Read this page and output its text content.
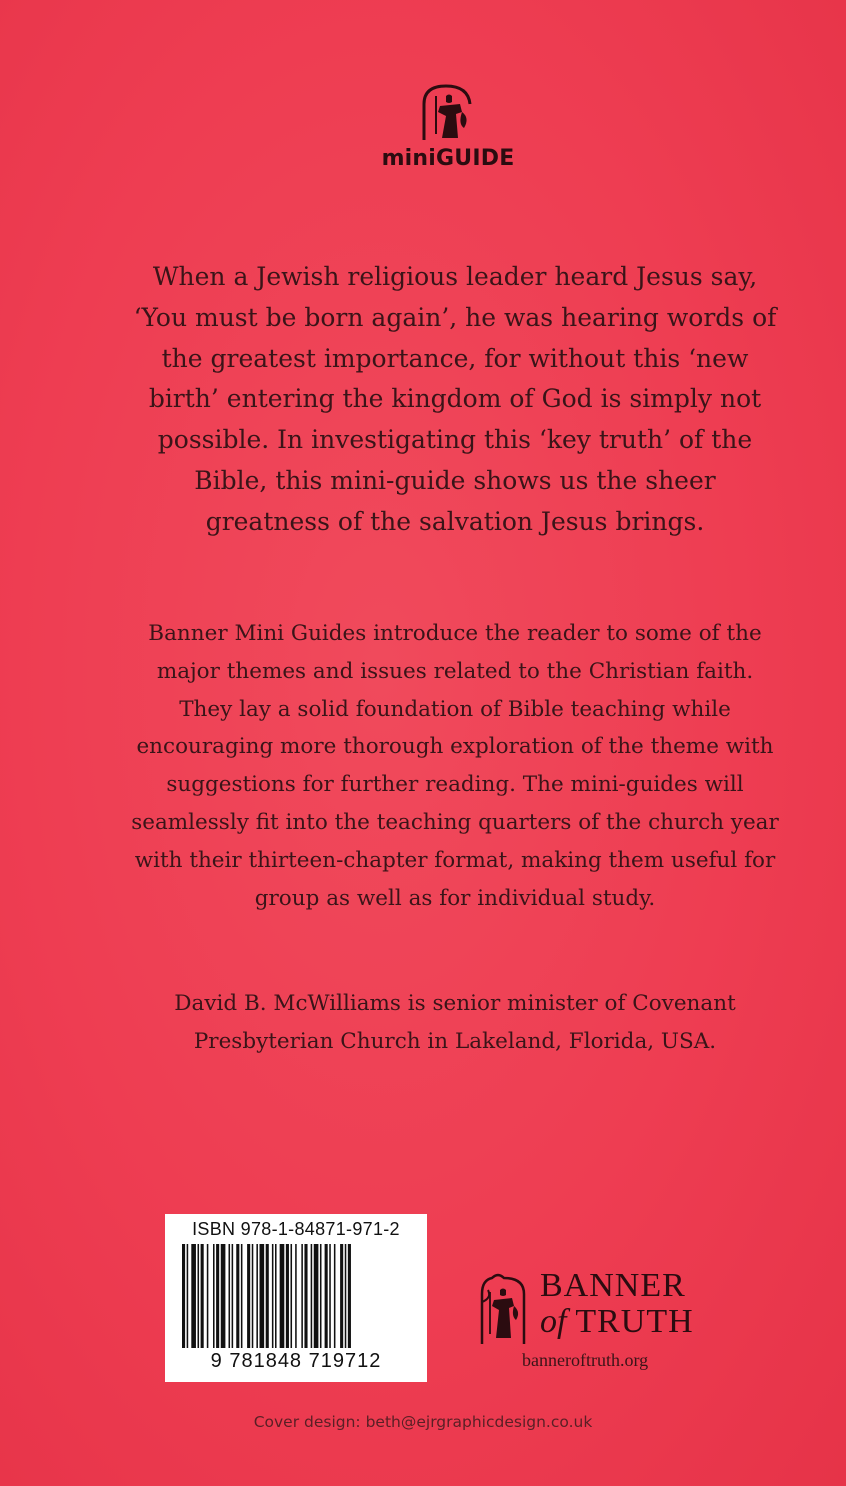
miniGUIDE

When a Jewish religious leader heard Jesus say, ‘You must be born again’, he was hearing words of the greatest importance, for without this ‘new birth’ entering the kingdom of God is simply not possible. In investigating this ‘key truth’ of the Bible, this mini-guide shows us the sheer greatness of the salvation Jesus brings.

Banner Mini Guides introduce the reader to some of the major themes and issues related to the Christian faith. They lay a solid foundation of Bible teaching while encouraging more thorough exploration of the theme with suggestions for further reading. The mini-guides will seamlessly fit into the teaching quarters of the church year with their thirteen-chapter format, making them useful for group as well as for individual study.

David B. McWilliams is senior minister of Covenant Presbyterian Church in Lakeland, Florida, USA.

ISBN 978-1-84871-971-2
9 781848 719712
BANNER
of TRUTH
banneroftruth.org
Cover design: beth@ejrgraphicdesign.co.uk
